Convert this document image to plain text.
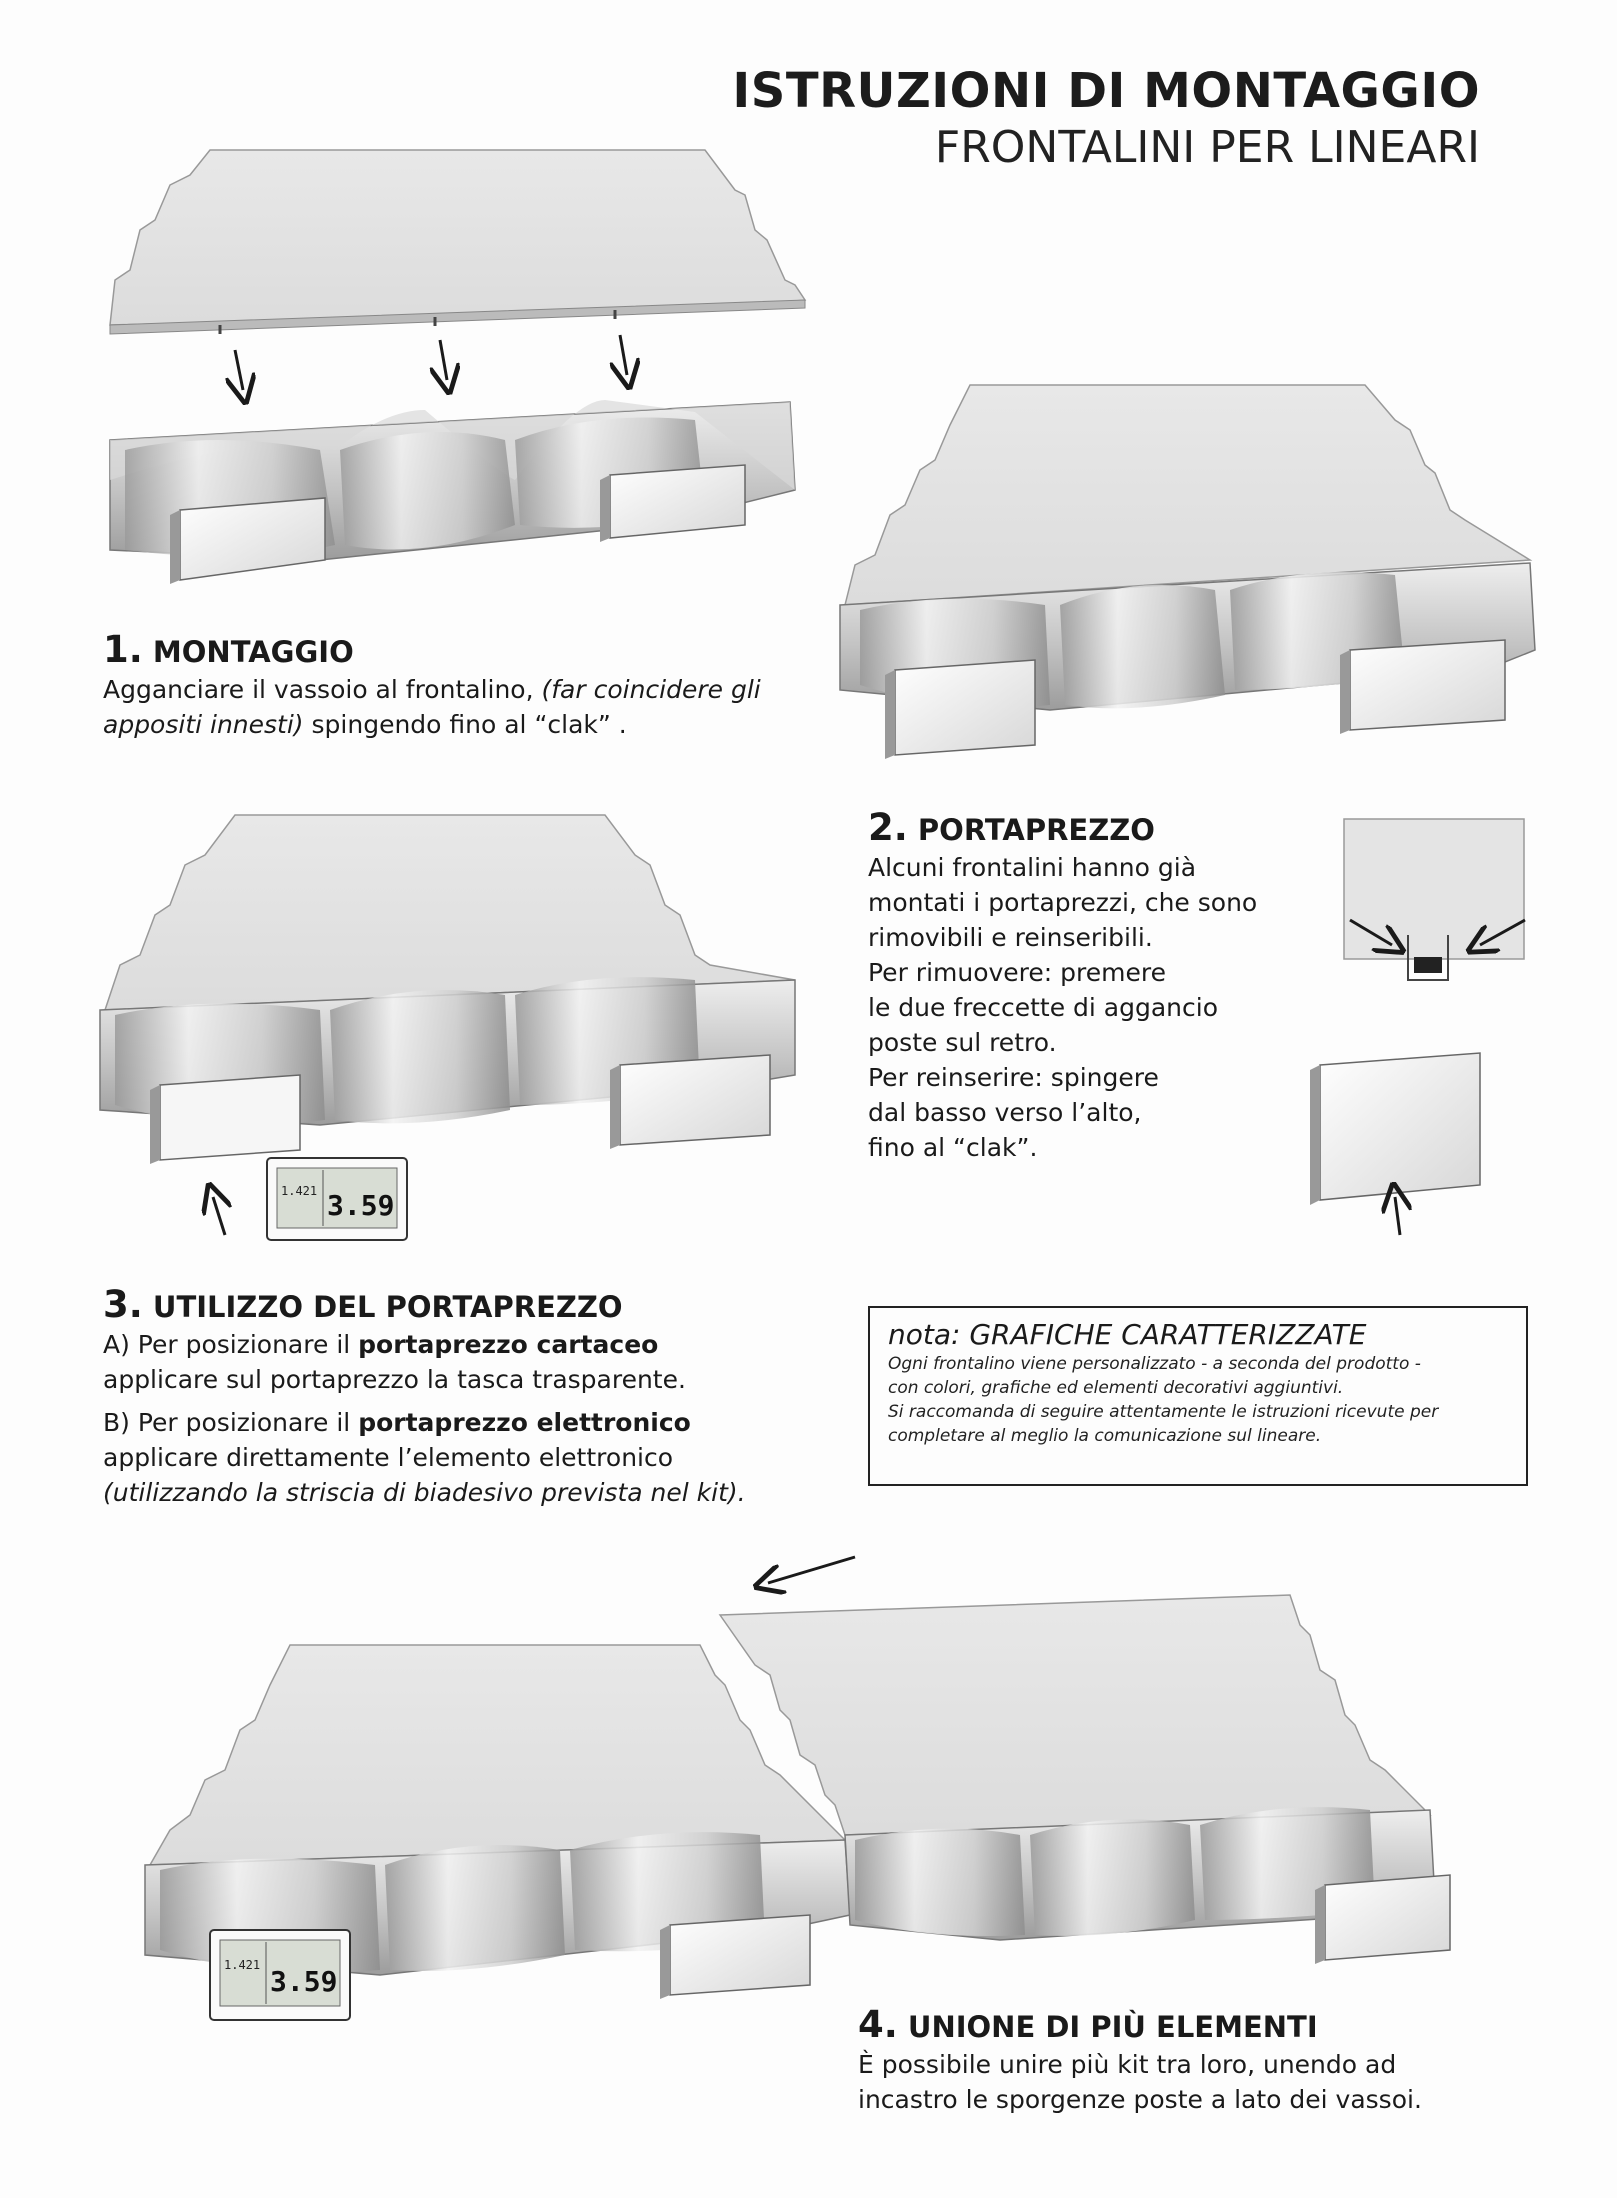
ISTRUZIONI DI MONTAGGIO
FRONTALINI PER LINEARI
1. MONTAGGIO
Agganciare il vassoio al frontalino, (far coincidere gli appositi innesti) spingendo fino al “clak” .
2. PORTAPREZZO
Alcuni frontalini hanno già
montati i portaprezzi, che sono
rimovibili e reinseribili.
Per rimuovere: premere
le due freccette di aggancio
poste sul retro.
Per reinserire: spingere
dal basso verso l’alto,
fino al “clak”.
1.421 3.59
3. UTILIZZO DEL PORTAPREZZO
A) Per posizionare il portaprezzo cartaceo
applicare sul portaprezzo la tasca trasparente.
B) Per posizionare il portaprezzo elettronico
applicare direttamente l’elemento elettronico
(utilizzando la striscia di biadesivo prevista nel kit).
nota: GRAFICHE CARATTERIZZATE
Ogni frontalino viene personalizzato - a seconda del prodotto -
con colori, grafiche ed elementi decorativi aggiuntivi.
Si raccomanda di seguire attentamente le istruzioni ricevute per
completare al meglio la comunicazione sul lineare.
1.421 3.59
4. UNIONE DI PIÙ ELEMENTI
È possibile unire più kit tra loro, unendo ad
incastro le sporgenze poste a lato dei vassoi.
